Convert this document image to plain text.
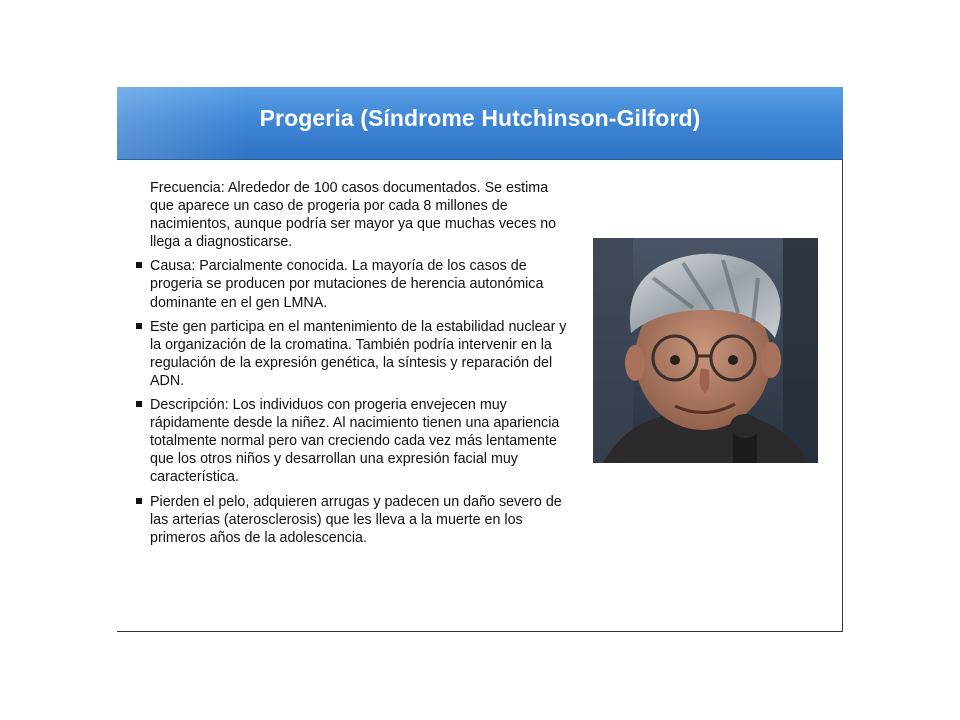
Progeria (Síndrome Hutchinson-Gilford)
Frecuencia: Alrededor de 100 casos documentados. Se estima que aparece un caso de progeria por cada 8 millones de nacimientos, aunque podría ser mayor ya que muchas veces no llega a diagnosticarse.
Causa: Parcialmente conocida. La mayoría de los casos de progeria se producen por mutaciones de herencia autonómica dominante en el gen LMNA.
Este gen participa en el mantenimiento de la estabilidad nuclear y la organización de la cromatina. También podría intervenir en la regulación de la expresión genética, la síntesis y reparación del ADN.
Descripción: Los individuos con progeria envejecen muy rápidamente desde la niñez. Al nacimiento tienen una apariencia totalmente normal pero van creciendo cada vez más lentamente que los otros niños y desarrollan una expresión facial muy característica.
Pierden el pelo, adquieren arrugas y padecen un daño severo de las arterias (aterosclerosis) que les lleva a la muerte en los primeros años de la adolescencia.
